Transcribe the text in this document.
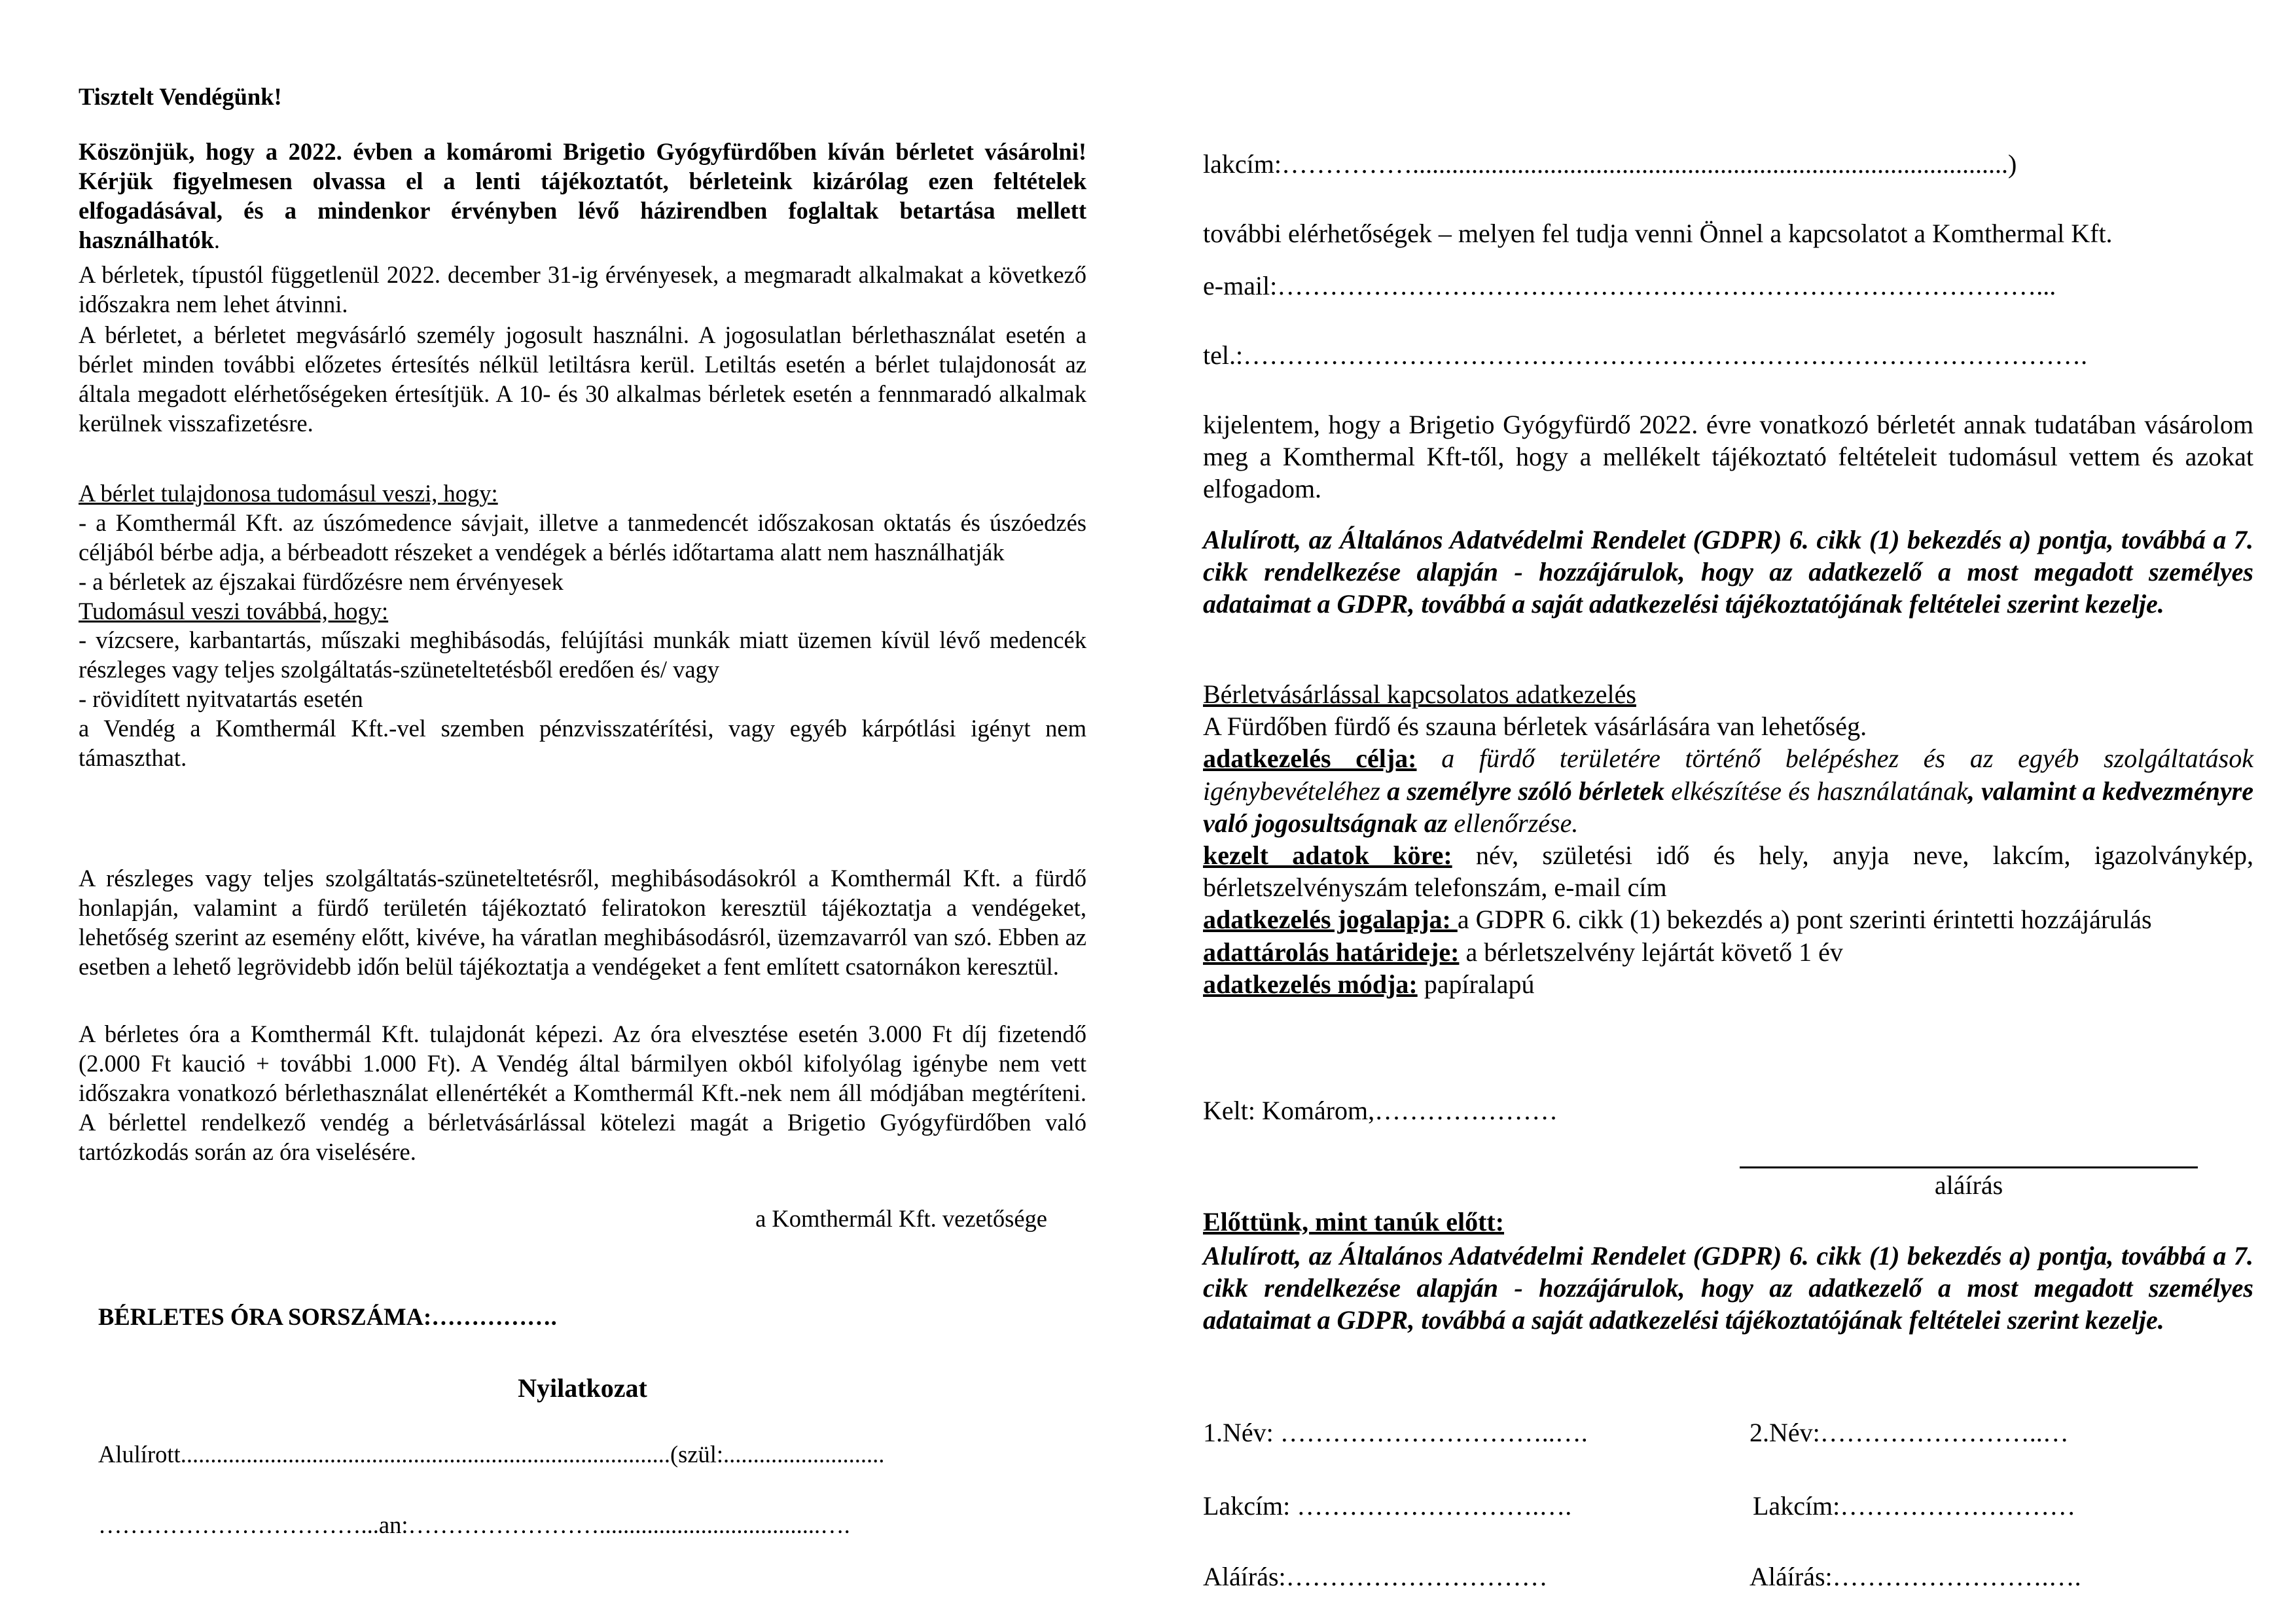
Tisztelt Vendégünk!

Köszönjük, hogy a 2022. évben a komáromi Brigetio Gyógyfürdőben kíván bérletet vásárolni! Kérjük figyelmesen olvassa el a lenti tájékoztatót, bérleteink kizárólag ezen feltételek elfogadásával, és a mindenkor érvényben lévő házirendben foglaltak betartása mellett használhatók.

A bérletek, típustól függetlenül 2022. december 31-ig érvényesek, a megmaradt alkalmakat a következő időszakra nem lehet átvinni.

A bérletet, a bérletet megvásárló személy jogosult használni. A jogosulatlan bérlethasználat esetén a bérlet minden további előzetes értesítés nélkül letiltásra kerül. Letiltás esetén a bérlet tulajdonosát az általa megadott elérhetőségeken értesítjük. A 10- és 30 alkalmas bérletek esetén a fennmaradó alkalmak kerülnek visszafizetésre.

A bérlet tulajdonosa tudomásul veszi, hogy:
- a Komthermál Kft. az úszómedence sávjait, illetve a tanmedencét időszakosan oktatás és úszóedzés céljából bérbe adja, a bérbeadott részeket a vendégek a bérlés időtartama alatt nem használhatják
- a bérletek az éjszakai fürdőzésre nem érvényesek
Tudomásul veszi továbbá, hogy:
- vízcsere, karbantartás, műszaki meghibásodás, felújítási munkák miatt üzemen kívül lévő medencék részleges vagy teljes szolgáltatás-szüneteltetésből eredően és/ vagy
- rövidített nyitvatartás esetén
a Vendég a Komthermál Kft.-vel szemben pénzvisszatérítési, vagy egyéb kárpótlási igényt nem támaszthat.

A részleges vagy teljes szolgáltatás-szüneteltetésről, meghibásodásokról a Komthermál Kft. a fürdő honlapján, valamint a fürdő területén tájékoztató feliratokon keresztül tájékoztatja a vendégeket, lehetőség szerint az esemény előtt, kivéve, ha váratlan meghibásodásról, üzemzavarról van szó. Ebben az esetben a lehető legrövidebb időn belül tájékoztatja a vendégeket a fent említett csatornákon keresztül.

A bérletes óra a Komthermál Kft. tulajdonát képezi. Az óra elvesztése esetén 3.000 Ft díj fizetendő (2.000 Ft kaució + további 1.000 Ft). A Vendég által bármilyen okból kifolyólag igénybe nem vett időszakra vonatkozó bérlethasználat ellenértékét a Komthermál Kft.-nek nem áll módjában megtéríteni. A bérlettel rendelkező vendég a bérletvásárlással kötelezi magát a Brigetio Gyógyfürdőben való tartózkodás során az óra viselésére.

a Komthermál Kft. vezetősége

BÉRLETES ÓRA SORSZÁMA:…………….

Nyilatkozat

Alulírott..................................................................................(szül:...........................

……………………………...an:…………………….....................................….

lakcím:……………...........................................................................................)

további elérhetőségek – melyen fel tudja venni Önnel a kapcsolatot a Komthermal Kft.

e-mail:……………………………………………………………………………...

tel.:…………………………………………………………………………………….

kijelentem, hogy a Brigetio Gyógyfürdő 2022. évre vonatkozó bérletét annak tudatában vásárolom meg a Komthermal Kft-től, hogy a mellékelt tájékoztató feltételeit tudomásul vettem és azokat elfogadom.

Alulírott, az Általános Adatvédelmi Rendelet (GDPR) 6. cikk (1) bekezdés a) pontja, továbbá a 7. cikk rendelkezése alapján - hozzájárulok, hogy az adatkezelő a most megadott személyes adataimat a GDPR, továbbá a saját adatkezelési tájékoztatójának feltételei szerint kezelje.

Bérletvásárlással kapcsolatos adatkezelés
A Fürdőben fürdő és szauna bérletek vásárlására van lehetőség.
adatkezelés célja: a fürdő területére történő belépéshez és az egyéb szolgáltatások igénybevételéhez a személyre szóló bérletek elkészítése és használatának, valamint a kedvezményre való jogosultságnak az ellenőrzése.
kezelt adatok köre: név, születési idő és hely, anyja neve, lakcím, igazolványkép, bérletszelvényszám telefonszám, e-mail cím
adatkezelés jogalapja: a GDPR 6. cikk (1) bekezdés a) pont szerinti érintetti hozzájárulás
adattárolás határideje: a bérletszelvény lejártát követő 1 év
adatkezelés módja: papíralapú

Kelt: Komárom,…………………

aláírás

Előttünk, mint tanúk előtt:

Alulírott, az Általános Adatvédelmi Rendelet (GDPR) 6. cikk (1) bekezdés a) pontja, továbbá a 7. cikk rendelkezése alapján - hozzájárulok, hogy az adatkezelő a most megadott személyes adataimat a GDPR, továbbá a saját adatkezelési tájékoztatójának feltételei szerint kezelje.

1.Név: …………………………..….	2.Név:……………………..…

Lakcím: ……………………….….	Lakcím:………………………

Aláírás:…………………………	Aláírás:…………………….….
